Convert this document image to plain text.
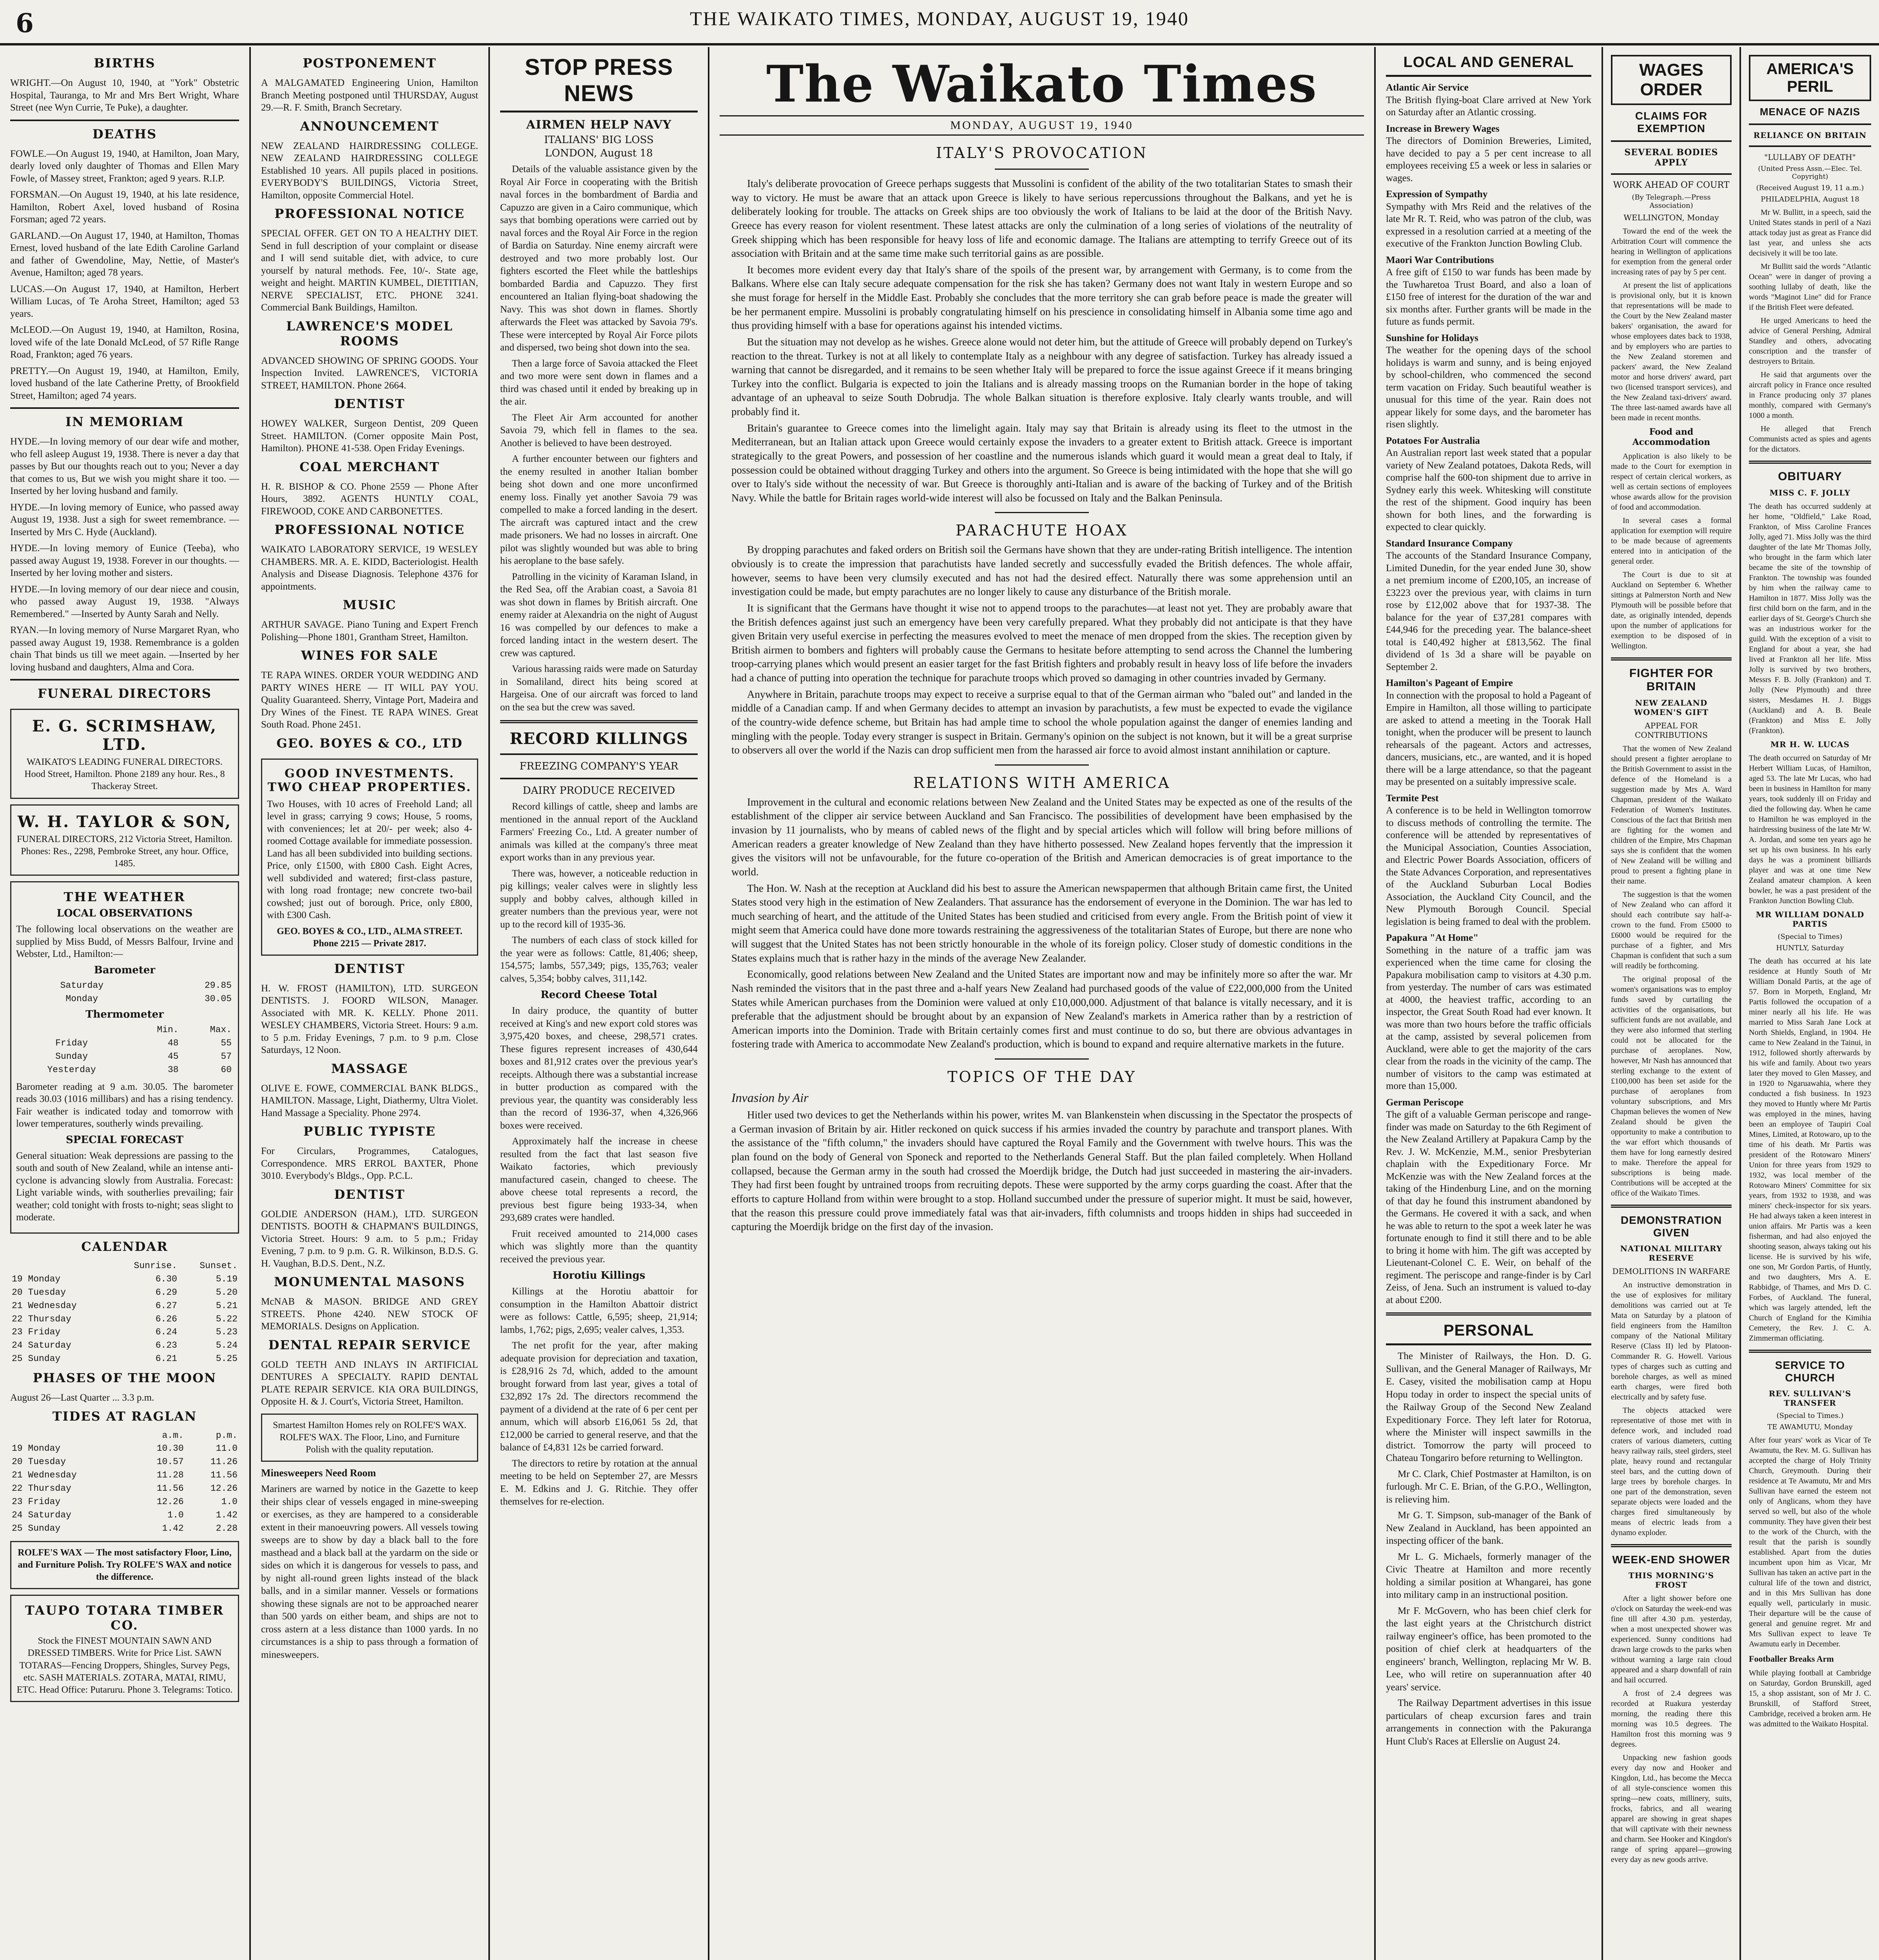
6	THE WAIKATO TIMES, MONDAY, AUGUST 19, 1940
BIRTHS
WRIGHT.—On August 10, 1940, at "York" Obstetric Hospital, Tauranga, to Mr and Mrs Bert Wright, Whare Street (nee Wyn Currie, Te Puke), a daughter.
DEATHS
FOWLE.—On August 19, 1940, at Hamilton, Joan Mary, dearly loved only daughter of Thomas and Ellen Mary Fowle, of Massey street, Frankton; aged 9 years. R.I.P.
FORSMAN.—On August 19, 1940, at his late residence, Hamilton, Robert Axel, loved husband of Rosina Forsman; aged 72 years.
GARLAND.—On August 17, 1940, at Hamilton, Thomas Ernest, loved husband of the late Edith Caroline Garland and father of Gwendoline, May, Nettie, of Master's Avenue, Hamilton; aged 78 years.
LUCAS.—On August 17, 1940, at Hamilton, Herbert William Lucas, of Te Aroha Street, Hamilton; aged 53 years.
McLEOD.—On August 19, 1940, at Hamilton, Rosina, loved wife of the late Donald McLeod, of 57 Rifle Range Road, Frankton; aged 76 years.
PRETTY.—On August 19, 1940, at Hamilton, Emily, loved husband of the late Catherine Pretty, of Brookfield Street, Hamilton; aged 74 years.
IN MEMORIAM
HYDE.—In loving memory of our dear wife and mother, who fell asleep August 19, 1938. There is never a day that passes by But our thoughts reach out to you; Never a day that comes to us, But we wish you might share it too. —Inserted by her loving husband and family.
HYDE.—In loving memory of Eunice, who passed away August 19, 1938. Just a sigh for sweet remembrance. —Inserted by Mrs C. Hyde (Auckland).
HYDE.—In loving memory of Eunice (Teeba), who passed away August 19, 1938. Forever in our thoughts. —Inserted by her loving mother and sisters.
HYDE.—In loving memory of our dear niece and cousin, who passed away August 19, 1938. "Always Remembered." —Inserted by Aunty Sarah and Nelly.
RYAN.—In loving memory of Nurse Margaret Ryan, who passed away August 19, 1938. Remembrance is a golden chain That binds us till we meet again. —Inserted by her loving husband and daughters, Alma and Cora.
FUNERAL DIRECTORS
E. G. SCRIMSHAW, LTD.
WAIKATO'S LEADING FUNERAL DIRECTORS. Hood Street, Hamilton. Phone 2189 any hour. Res., 8 Thackeray Street.
W. H. TAYLOR & SON,
FUNERAL DIRECTORS, 212 Victoria Street, Hamilton. Phones: Res., 2298, Pembroke Street, any hour. Office, 1485.
THE WEATHER
LOCAL OBSERVATIONS
The following local observations on the weather are supplied by Miss Budd, of Messrs Balfour, Irvine and Webster, Ltd., Hamilton:—
Barometer
Saturday	29.85
Monday	30.05
Thermometer
	Min.	Max.
Friday	48	55
Sunday	45	57
Yesterday	38	60
Barometer reading at 9 a.m. 30.05. The barometer reads 30.03 (1016 millibars) and has a rising tendency. Fair weather is indicated today and tomorrow with lower temperatures, southerly winds prevailing.
SPECIAL FORECAST
General situation: Weak depressions are passing to the south and south of New Zealand, while an intense anti-cyclone is advancing slowly from Australia. Forecast: Light variable winds, with southerlies prevailing; fair weather; cold tonight with frosts to-night; seas slight to moderate.
CALENDAR
	Sunrise.	Sunset.
19 Monday	6.30	5.19
20 Tuesday	6.29	5.20
21 Wednesday	6.27	5.21
22 Thursday	6.26	5.22
23 Friday	6.24	5.23
24 Saturday	6.23	5.24
25 Sunday	6.21	5.25
PHASES OF THE MOON
August 26—Last Quarter ... 3.3 p.m.
TIDES AT RAGLAN
	a.m.	p.m.
19 Monday	10.30	11.0
20 Tuesday	10.57	11.26
21 Wednesday	11.28	11.56
22 Thursday	11.56	12.26
23 Friday	12.26	1.0
24 Saturday	1.0	1.42
25 Sunday	1.42	2.28
ROLFE'S WAX — The most satisfactory Floor, Lino, and Furniture Polish. Try ROLFE'S WAX and notice the difference.
TAUPO TOTARA TIMBER CO.
Stock the FINEST MOUNTAIN SAWN AND DRESSED TIMBERS. Write for Price List. SAWN TOTARAS—Fencing Droppers, Shingles, Survey Pegs, etc. SASH MATERIALS. ZOTARA, MATAI, RIMU, ETC. Head Office: Putaruru. Phone 3. Telegrams: Totico.
POSTPONEMENT
A MALGAMATED Engineering Union, Hamilton Branch Meeting postponed until THURSDAY, August 29.—R. F. Smith, Branch Secretary.
ANNOUNCEMENT
NEW ZEALAND HAIRDRESSING COLLEGE. NEW ZEALAND HAIRDRESSING COLLEGE Established 10 years. All pupils placed in positions. EVERYBODY'S BUILDINGS, Victoria Street, Hamilton, opposite Commercial Hotel.
PROFESSIONAL NOTICE
SPECIAL OFFER. GET ON TO A HEALTHY DIET. Send in full description of your complaint or disease and I will send suitable diet, with advice, to cure yourself by natural methods. Fee, 10/-. State age, weight and height. MARTIN KUMBEL, DIETITIAN, NERVE SPECIALIST, ETC. PHONE 3241. Commercial Bank Buildings, Hamilton.
LAWRENCE'S MODEL ROOMS
ADVANCED SHOWING OF SPRING GOODS. Your Inspection Invited. LAWRENCE'S, VICTORIA STREET, HAMILTON. Phone 2664.
DENTIST
HOWEY WALKER, Surgeon Dentist, 209 Queen Street. HAMILTON. (Corner opposite Main Post, Hamilton). PHONE 41-538. Open Friday Evenings.
COAL MERCHANT
H. R. BISHOP & CO. Phone 2559 — Phone After Hours, 3892. AGENTS HUNTLY COAL, FIREWOOD, COKE AND CARBONETTES.
PROFESSIONAL NOTICE
WAIKATO LABORATORY SERVICE, 19 WESLEY CHAMBERS. MR. A. E. KIDD, Bacteriologist. Health Analysis and Disease Diagnosis. Telephone 4376 for appointments.
MUSIC
ARTHUR SAVAGE. Piano Tuning and Expert French Polishing—Phone 1801, Grantham Street, Hamilton.
WINES FOR SALE
TE RAPA WINES. ORDER YOUR WEDDING AND PARTY WINES HERE — IT WILL PAY YOU. Quality Guaranteed. Sherry, Vintage Port, Madeira and Dry Wines of the Finest. TE RAPA WINES. Great South Road. Phone 2451.
GEO. BOYES & CO., LTD
GOOD INVESTMENTS. TWO CHEAP PROPERTIES.
Two Houses, with 10 acres of Freehold Land; all level in grass; carrying 9 cows; House, 5 rooms, with conveniences; let at 20/- per week; also 4-roomed Cottage available for immediate possession. Land has all been subdivided into building sections. Price, only £1500, with £800 Cash. Eight Acres, well subdivided and watered; first-class pasture, with long road frontage; new concrete two-bail cowshed; just out of borough. Price, only £800, with £300 Cash.
GEO. BOYES & CO., LTD., ALMA STREET. Phone 2215 — Private 2817.
DENTIST
H. W. FROST (HAMILTON), LTD. SURGEON DENTISTS. J. FOORD WILSON, Manager. Associated with MR. K. KELLY. Phone 2011. WESLEY CHAMBERS, Victoria Street. Hours: 9 a.m. to 5 p.m. Friday Evenings, 7 p.m. to 9 p.m. Close Saturdays, 12 Noon.
MASSAGE
OLIVE E. FOWE, COMMERCIAL BANK BLDGS., HAMILTON. Massage, Light, Diathermy, Ultra Violet. Hand Massage a Speciality. Phone 2974.
PUBLIC TYPISTE
For Circulars, Programmes, Catalogues, Correspondence. MRS ERROL BAXTER, Phone 3010. Everybody's Bldgs., Opp. P.C.L.
DENTIST
GOLDIE ANDERSON (HAM.), LTD. SURGEON DENTISTS. BOOTH & CHAPMAN'S BUILDINGS, Victoria Street. Hours: 9 a.m. to 5 p.m.; Friday Evening, 7 p.m. to 9 p.m. G. R. Wilkinson, B.D.S. G. H. Vaughan, B.D.S. Dent., N.Z.
MONUMENTAL MASONS
McNAB & MASON. BRIDGE AND GREY STREETS. Phone 4240. NEW STOCK OF MEMORIALS. Designs on Application.
DENTAL REPAIR SERVICE
GOLD TEETH AND INLAYS IN ARTIFICIAL DENTURES A SPECIALTY. RAPID DENTAL PLATE REPAIR SERVICE. KIA ORA BUILDINGS, Opposite H. & J. Court's, Victoria Street, Hamilton.
Smartest Hamilton Homes rely on ROLFE'S WAX. ROLFE'S WAX. The Floor, Lino, and Furniture Polish with the quality reputation.
Minesweepers Need Room
Mariners are warned by notice in the Gazette to keep their ships clear of vessels engaged in mine-sweeping or exercises, as they are hampered to a considerable extent in their manoeuvring powers. All vessels towing sweeps are to show by day a black ball to the fore masthead and a black ball at the yardarm on the side or sides on which it is dangerous for vessels to pass, and by night all-round green lights instead of the black balls, and in a similar manner. Vessels or formations showing these signals are not to be approached nearer than 500 yards on either beam, and ships are not to cross astern at a less distance than 1000 yards. In no circumstances is a ship to pass through a formation of minesweepers.
STOP PRESS NEWS
AIRMEN HELP NAVY
ITALIANS' BIG LOSS
LONDON, August 18
Details of the valuable assistance given by the Royal Air Force in cooperating with the British naval forces in the bombardment of Bardia and Capuzzo are given in a Cairo communique, which says that bombing operations were carried out by naval forces and the Royal Air Force in the region of Bardia on Saturday. Nine enemy aircraft were destroyed and two more probably lost. Our fighters escorted the Fleet while the battleships bombarded Bardia and Capuzzo. They first encountered an Italian flying-boat shadowing the Navy. This was shot down in flames. Shortly afterwards the Fleet was attacked by Savoia 79's. These were intercepted by Royal Air Force pilots and dispersed, two being shot down into the sea.
Then a large force of Savoia attacked the Fleet and two more were sent down in flames and a third was chased until it ended by breaking up in the air.
The Fleet Air Arm accounted for another Savoia 79, which fell in flames to the sea. Another is believed to have been destroyed.
A further encounter between our fighters and the enemy resulted in another Italian bomber being shot down and one more unconfirmed enemy loss. Finally yet another Savoia 79 was compelled to make a forced landing in the desert. The aircraft was captured intact and the crew made prisoners. We had no losses in aircraft. One pilot was slightly wounded but was able to bring his aeroplane to the base safely.
Patrolling in the vicinity of Karaman Island, in the Red Sea, off the Arabian coast, a Savoia 81 was shot down in flames by British aircraft. One enemy raider at Alexandria on the night of August 16 was compelled by our defences to make a forced landing intact in the western desert. The crew was captured.
Various harassing raids were made on Saturday in Somaliland, direct hits being scored at Hargeisa. One of our aircraft was forced to land on the sea but the crew was saved.
RECORD KILLINGS
FREEZING COMPANY'S YEAR
DAIRY PRODUCE RECEIVED
Record killings of cattle, sheep and lambs are mentioned in the annual report of the Auckland Farmers' Freezing Co., Ltd. A greater number of animals was killed at the company's three meat export works than in any previous year.
There was, however, a noticeable reduction in pig killings; vealer calves were in slightly less supply and bobby calves, although killed in greater numbers than the previous year, were not up to the record kill of 1935-36.
The numbers of each class of stock killed for the year were as follows: Cattle, 81,406; sheep, 154,575; lambs, 557,349; pigs, 135,763; vealer calves, 5,354; bobby calves, 311,142.
Record Cheese Total
In dairy produce, the quantity of butter received at King's and new export cold stores was 3,975,420 boxes, and cheese, 298,571 crates. These figures represent increases of 430,644 boxes and 81,912 crates over the previous year's receipts. Although there was a substantial increase in butter production as compared with the previous year, the quantity was considerably less than the record of 1936-37, when 4,326,966 boxes were received.
Approximately half the increase in cheese resulted from the fact that last season five Waikato factories, which previously manufactured casein, changed to cheese. The above cheese total represents a record, the previous best figure being 1933-34, when 293,689 crates were handled.
Fruit received amounted to 214,000 cases which was slightly more than the quantity received the previous year.
Horotiu Killings
Killings at the Horotiu abattoir for consumption in the Hamilton Abattoir district were as follows: Cattle, 6,595; sheep, 21,914; lambs, 1,762; pigs, 2,695; vealer calves, 1,353.
The net profit for the year, after making adequate provision for depreciation and taxation, is £28,916 2s 7d, which, added to the amount brought forward from last year, gives a total of £32,892 17s 2d. The directors recommend the payment of a dividend at the rate of 6 per cent per annum, which will absorb £16,061 5s 2d, that £12,000 be carried to general reserve, and that the balance of £4,831 12s be carried forward.
The directors to retire by rotation at the annual meeting to be held on September 27, are Messrs E. M. Edkins and J. G. Ritchie. They offer themselves for re-election.
The Waikato Times
MONDAY, AUGUST 19, 1940
ITALY'S PROVOCATION

Italy's deliberate provocation of Greece perhaps suggests that Mussolini is confident of the ability of the two totalitarian States to smash their way to victory. He must be aware that an attack upon Greece is likely to have serious repercussions throughout the Balkans, and yet he is deliberately looking for trouble. The attacks on Greek ships are too obviously the work of Italians to be laid at the door of the British Navy. Greece has every reason for violent resentment. These latest attacks are only the culmination of a long series of violations of the neutrality of Greek shipping which has been responsible for heavy loss of life and economic damage. The Italians are attempting to terrify Greece out of its association with Britain and at the same time make such territorial gains as are possible.

It becomes more evident every day that Italy's share of the spoils of the present war, by arrangement with Germany, is to come from the Balkans. Where else can Italy secure adequate compensation for the risk she has taken? Germany does not want Italy in western Europe and so she must forage for herself in the Middle East. Probably she concludes that the more territory she can grab before peace is made the greater will be her permanent empire. Mussolini is probably congratulating himself on his prescience in consolidating himself in Albania some time ago and thus providing himself with a base for operations against his intended victims.

But the situation may not develop as he wishes. Greece alone would not deter him, but the attitude of Greece will probably depend on Turkey's reaction to the threat. Turkey is not at all likely to contemplate Italy as a neighbour with any degree of satisfaction. Turkey has already issued a warning that cannot be disregarded, and it remains to be seen whether Italy will be prepared to force the issue against Greece if it means bringing Turkey into the conflict. Bulgaria is expected to join the Italians and is already massing troops on the Rumanian border in the hope of taking advantage of an upheaval to seize South Dobrudja. The whole Balkan situation is therefore explosive. Italy clearly wants trouble, and will probably find it.

Britain's guarantee to Greece comes into the limelight again. Italy may say that Britain is already using its fleet to the utmost in the Mediterranean, but an Italian attack upon Greece would certainly expose the invaders to a greater extent to British attack. Greece is important strategically to the great Powers, and possession of her coastline and the numerous islands which guard it would mean a great deal to Italy, if possession could be obtained without dragging Turkey and others into the argument. So Greece is being intimidated with the hope that she will go over to Italy's side without the necessity of war. But Greece is thoroughly anti-Italian and is aware of the backing of Turkey and of the British Navy. While the battle for Britain rages world-wide interest will also be focussed on Italy and the Balkan Peninsula.

PARACHUTE HOAX

By dropping parachutes and faked orders on British soil the Germans have shown that they are under-rating British intelligence. The intention obviously is to create the impression that parachutists have landed secretly and successfully evaded the British defences. The whole affair, however, seems to have been very clumsily executed and has not had the desired effect. Naturally there was some apprehension until an investigation could be made, but empty parachutes are no longer likely to cause any disturbance of the British morale.

It is significant that the Germans have thought it wise not to append troops to the parachutes—at least not yet. They are probably aware that the British defences against just such an emergency have been very carefully prepared. What they probably did not anticipate is that they have given Britain very useful exercise in perfecting the measures evolved to meet the menace of men dropped from the skies. The reception given by British airmen to bombers and fighters will probably cause the Germans to hesitate before attempting to send across the Channel the lumbering troop-carrying planes which would present an easier target for the fast British fighters and probably result in heavy loss of life before the invaders had a chance of putting into operation the technique for parachute troops which proved so damaging in other countries invaded by Germany.

Anywhere in Britain, parachute troops may expect to receive a surprise equal to that of the German airman who "baled out" and landed in the middle of a Canadian camp. If and when Germany decides to attempt an invasion by parachutists, a few must be expected to evade the vigilance of the country-wide defence scheme, but Britain has had ample time to school the whole population against the danger of enemies landing and mingling with the people. Today every stranger is suspect in Britain. Germany's opinion on the subject is not known, but it will be a great surprise to observers all over the world if the Nazis can drop sufficient men from the harassed air force to avoid almost instant annihilation or capture.

RELATIONS WITH AMERICA

Improvement in the cultural and economic relations between New Zealand and the United States may be expected as one of the results of the establishment of the clipper air service between Auckland and San Francisco. The possibilities of development have been emphasised by the invasion by 11 journalists, who by means of cabled news of the flight and by special articles which will follow will bring before millions of American readers a greater knowledge of New Zealand than they have hitherto possessed. New Zealand hopes fervently that the impression it gives the visitors will not be unfavourable, for the future co-operation of the British and American democracies is of great importance to the world.

The Hon. W. Nash at the reception at Auckland did his best to assure the American newspapermen that although Britain came first, the United States stood very high in the estimation of New Zealanders. That assurance has the endorsement of everyone in the Dominion. The war has led to much searching of heart, and the attitude of the United States has been studied and criticised from every angle. From the British point of view it might seem that America could have done more towards restraining the aggressiveness of the totalitarian States of Europe, but there are none who will suggest that the United States has not been strictly honourable in the whole of its foreign policy. Closer study of domestic conditions in the States explains much that is rather hazy in the minds of the average New Zealander.

Economically, good relations between New Zealand and the United States are important now and may be infinitely more so after the war. Mr Nash reminded the visitors that in the past three and a-half years New Zealand had purchased goods of the value of £22,000,000 from the United States while American purchases from the Dominion were valued at only £10,000,000. Adjustment of that balance is vitally necessary, and it is preferable that the adjustment should be brought about by an expansion of New Zealand's markets in America rather than by a restriction of American imports into the Dominion. Trade with Britain certainly comes first and must continue to do so, but there are obvious advantages in fostering trade with America to accommodate New Zealand's production, which is bound to expand and require alternative markets in the future.

TOPICS OF THE DAY
Invasion by Air

Hitler used two devices to get the Netherlands within his power, writes M. van Blankenstein when discussing in the Spectator the prospects of a German invasion of Britain by air. Hitler reckoned on quick success if his armies invaded the country by parachute and transport planes. With the assistance of the "fifth column," the invaders should have captured the Royal Family and the Government with twelve hours. This was the plan found on the body of General von Sponeck and reported to the Netherlands General Staff. But the plan failed completely. When Holland collapsed, because the German army in the south had crossed the Moerdijk bridge, the Dutch had just succeeded in mastering the air-invaders. They had first been fought by untrained troops from recruiting depots. These were supported by the army corps guarding the coast. After that the efforts to capture Holland from within were brought to a stop. Holland succumbed under the pressure of superior might. It must be said, however, that the reason this pressure could prove immediately fatal was that air-invaders, fifth columnists and troops hidden in ships had succeeded in capturing the Moerdijk bridge on the first day of the invasion.

LOCAL AND GENERAL
Atlantic Air Service
The British flying-boat Clare arrived at New York on Saturday after an Atlantic crossing.
Increase in Brewery Wages
The directors of Dominion Breweries, Limited, have decided to pay a 5 per cent increase to all employees receiving £5 a week or less in salaries or wages.
Expression of Sympathy
Sympathy with Mrs Reid and the relatives of the late Mr R. T. Reid, who was patron of the club, was expressed in a resolution carried at a meeting of the executive of the Frankton Junction Bowling Club.
Maori War Contributions
A free gift of £150 to war funds has been made by the Tuwharetoa Trust Board, and also a loan of £150 free of interest for the duration of the war and six months after. Further grants will be made in the future as funds permit.
Sunshine for Holidays
The weather for the opening days of the school holidays is warm and sunny, and is being enjoyed by school-children, who commenced the second term vacation on Friday. Such beautiful weather is unusual for this time of the year. Rain does not appear likely for some days, and the barometer has risen slightly.
Potatoes For Australia
An Australian report last week stated that a popular variety of New Zealand potatoes, Dakota Reds, will comprise half the 600-ton shipment due to arrive in Sydney early this week. Whitesking will constitute the rest of the shipment. Good inquiry has been shown for both lines, and the forwarding is expected to clear quickly.
Standard Insurance Company
The accounts of the Standard Insurance Company, Limited Dunedin, for the year ended June 30, show a net premium income of £200,105, an increase of £3223 over the previous year, with claims in turn rose by £12,002 above that for 1937-38. The balance for the year of £37,281 compares with £44,946 for the preceding year. The balance-sheet total is £40,492 higher at £813,562. The final dividend of 1s 3d a share will be payable on September 2.
Hamilton's Pageant of Empire
In connection with the proposal to hold a Pageant of Empire in Hamilton, all those willing to participate are asked to attend a meeting in the Toorak Hall tonight, when the producer will be present to launch rehearsals of the pageant. Actors and actresses, dancers, musicians, etc., are wanted, and it is hoped there will be a large attendance, so that the pageant may be presented on a suitably impressive scale.
Termite Pest
A conference is to be held in Wellington tomorrow to discuss methods of controlling the termite. The conference will be attended by representatives of the Municipal Association, Counties Association, and Electric Power Boards Association, officers of the State Advances Corporation, and representatives of the Auckland Suburban Local Bodies Association, the Auckland City Council, and the New Plymouth Borough Council. Special legislation is being framed to deal with the problem.
Papakura "At Home"
Something in the nature of a traffic jam was experienced when the time came for closing the Papakura mobilisation camp to visitors at 4.30 p.m. from yesterday. The number of cars was estimated at 4000, the heaviest traffic, according to an inspector, the Great South Road had ever known. It was more than two hours before the traffic officials at the camp, assisted by several policemen from Auckland, were able to get the majority of the cars clear from the roads in the vicinity of the camp. The number of visitors to the camp was estimated at more than 15,000.
German Periscope
The gift of a valuable German periscope and range-finder was made on Saturday to the 6th Regiment of the New Zealand Artillery at Papakura Camp by the Rev. J. W. McKenzie, M.M., senior Presbyterian chaplain with the Expeditionary Force. Mr McKenzie was with the New Zealand forces at the taking of the Hindenburg Line, and on the morning of that day he found this instrument abandoned by the Germans. He covered it with a sack, and when he was able to return to the spot a week later he was fortunate enough to find it still there and to be able to bring it home with him. The gift was accepted by Lieutenant-Colonel C. E. Weir, on behalf of the regiment. The periscope and range-finder is by Carl Zeiss, of Jena. Such an instrument is valued to-day at about £200.
PERSONAL
The Minister of Railways, the Hon. D. G. Sullivan, and the General Manager of Railways, Mr E. Casey, visited the mobilisation camp at Hopu Hopu today in order to inspect the special units of the Railway Group of the Second New Zealand Expeditionary Force. They left later for Rotorua, where the Minister will inspect sawmills in the district. Tomorrow the party will proceed to Chateau Tongariro before returning to Wellington.
Mr C. Clark, Chief Postmaster at Hamilton, is on furlough. Mr C. E. Brian, of the G.P.O., Wellington, is relieving him.
Mr G. T. Simpson, sub-manager of the Bank of New Zealand in Auckland, has been appointed an inspecting officer of the bank.
Mr L. G. Michaels, formerly manager of the Civic Theatre at Hamilton and more recently holding a similar position at Whangarei, has gone into military camp in an instructional position.
Mr F. McGovern, who has been chief clerk for the last eight years at the Christchurch district railway engineer's office, has been promoted to the position of chief clerk at headquarters of the engineers' branch, Wellington, replacing Mr W. B. Lee, who will retire on superannuation after 40 years' service.
The Railway Department advertises in this issue particulars of cheap excursion fares and train arrangements in connection with the Pakuranga Hunt Club's Races at Ellerslie on August 24.
WAGES ORDER
CLAIMS FOR EXEMPTION
SEVERAL BODIES APPLY
WORK AHEAD OF COURT
(By Telegraph.—Press Association)
WELLINGTON, Monday
Toward the end of the week the Arbitration Court will commence the hearing in Wellington of applications for exemption from the general order increasing rates of pay by 5 per cent.
At present the list of applications is provisional only, but it is known that representations will be made to the Court by the New Zealand master bakers' organisation, the award for whose employees dates back to 1938, and by employers who are parties to the New Zealand storemen and packers' award, the New Zealand motor and horse drivers' award, part two (licensed transport services), and the New Zealand taxi-drivers' award. The three last-named awards have all been made in recent months.
Food and Accommodation
Application is also likely to be made to the Court for exemption in respect of certain clerical workers, as well as certain sections of employees whose awards allow for the provision of food and accommodation.
In several cases a formal application for exemption will require to be made because of agreements entered into in anticipation of the general order.
The Court is due to sit at Auckland on September 6. Whether sittings at Palmerston North and New Plymouth will be possible before that date, as originally intended, depends upon the number of applications for exemption to be disposed of in Wellington.
FIGHTER FOR BRITAIN
NEW ZEALAND WOMEN'S GIFT
APPEAL FOR CONTRIBUTIONS
That the women of New Zealand should present a fighter aeroplane to the British Government to assist in the defence of the Homeland is a suggestion made by Mrs A. Ward Chapman, president of the Waikato Federation of Women's Institutes. Conscious of the fact that British men are fighting for the women and children of the Empire, Mrs Chapman says she is confident that the women of New Zealand will be willing and proud to present a fighting plane in their name.
The suggestion is that the women of New Zealand who can afford it should each contribute say half-a-crown to the fund. From £5000 to £6000 would be required for the purchase of a fighter, and Mrs Chapman is confident that such a sum will readily be forthcoming.
The original proposal of the women's organisations was to employ funds saved by curtailing the activities of the organisations, but sufficient funds are not available, and they were also informed that sterling could not be allocated for the purchase of aeroplanes. Now, however, Mr Nash has announced that sterling exchange to the extent of £100,000 has been set aside for the purchase of aeroplanes from voluntary subscriptions, and Mrs Chapman believes the women of New Zealand should be given the opportunity to make a contribution to the war effort which thousands of them have for long earnestly desired to make. Therefore the appeal for subscriptions is being made. Contributions will be accepted at the office of the Waikato Times.
DEMONSTRATION GIVEN
NATIONAL MILITARY RESERVE
DEMOLITIONS IN WARFARE
An instructive demonstration in the use of explosives for military demolitions was carried out at Te Mata on Saturday by a platoon of field engineers from the Hamilton company of the National Military Reserve (Class II) led by Platoon-Commander R. G. Howell. Various types of charges such as cutting and borehole charges, as well as mined earth charges, were fired both electrically and by safety fuse.
The objects attacked were representative of those met with in defence work, and included road craters of various diameters, cutting heavy railway rails, steel girders, steel plate, heavy round and rectangular steel bars, and the cutting down of large trees by borehole charges. In one part of the demonstration, seven separate objects were loaded and the charges fired simultaneously by means of electric leads from a dynamo exploder.
WEEK-END SHOWER
THIS MORNING'S FROST
After a light shower before one o'clock on Saturday the week-end was fine till after 4.30 p.m. yesterday, when a most unexpected shower was experienced. Sunny conditions had drawn large crowds to the parks when without warning a large rain cloud appeared and a sharp downfall of rain and hail occurred.
A frost of 2.4 degrees was recorded at Ruakura yesterday morning, the reading there this morning was 10.5 degrees. The Hamilton frost this morning was 9 degrees.
Unpacking new fashion goods every day now and Hooker and Kingdon, Ltd., has become the Mecca of all style-conscience women this spring—new coats, millinery, suits, frocks, fabrics, and all wearing apparel are showing in great shapes that will captivate with their newness and charm. See Hooker and Kingdon's range of spring apparel—growing every day as new goods arrive.
AMERICA'S PERIL
MENACE OF NAZIS
RELIANCE ON BRITAIN
"LULLABY OF DEATH"
(United Press Assn.—Elec. Tel. Copyright)
(Received August 19, 11 a.m.)
PHILADELPHIA, August 18
Mr W. Bullitt, in a speech, said the United States stands in peril of a Nazi attack today just as great as France did last year, and unless she acts decisively it will be too late.
Mr Bullitt said the words "Atlantic Ocean" were in danger of proving a soothing lullaby of death, like the words "Maginot Line" did for France if the British Fleet were defeated.
He urged Americans to heed the advice of General Pershing, Admiral Standley and others, advocating conscription and the transfer of destroyers to Britain.
He said that arguments over the aircraft policy in France once resulted in France producing only 37 planes monthly, compared with Germany's 1000 a month.
He alleged that French Communists acted as spies and agents for the dictators.
OBITUARY
MISS C. F. JOLLY
The death has occurred suddenly at her home, "Oldfield," Lake Road, Frankton, of Miss Caroline Frances Jolly, aged 71. Miss Jolly was the third daughter of the late Mr Thomas Jolly, who brought in the farm which later became the site of the township of Frankton. The township was founded by him when the railway came to Hamilton in 1877. Miss Jolly was the first child born on the farm, and in the earlier days of St. George's Church she was an industrious worker for the guild. With the exception of a visit to England for about a year, she had lived at Frankton all her life. Miss Jolly is survived by two brothers, Messrs F. B. Jolly (Frankton) and T. Jolly (New Plymouth) and three sisters, Mesdames H. J. Biggs (Auckland) and A. B. Beale (Frankton) and Miss E. Jolly (Frankton).
MR H. W. LUCAS
The death occurred on Saturday of Mr Herbert William Lucas, of Hamilton, aged 53. The late Mr Lucas, who had been in business in Hamilton for many years, took suddenly ill on Friday and died the following day. When he came to Hamilton he was employed in the hairdressing business of the late Mr W. A. Jordan, and some ten years ago he set up his own business. In his early days he was a prominent billiards player and was at one time New Zealand amateur champion. A keen bowler, he was a past president of the Frankton Junction Bowling Club.
MR WILLIAM DONALD PARTIS
(Special to Times)
HUNTLY, Saturday
The death has occurred at his late residence at Huntly South of Mr William Donald Partis, at the age of 57. Born in Morpeth, England, Mr Partis followed the occupation of a miner nearly all his life. He was married to Miss Sarah Jane Lock at North Shields, England, in 1904. He came to New Zealand in the Tainui, in 1912, followed shortly afterwards by his wife and family. About two years later they moved to Glen Massey, and in 1920 to Ngaruawahia, where they conducted a fish business. In 1923 they moved to Huntly where Mr Partis was employed in the mines, having been an employee of Taupiri Coal Mines, Limited, at Rotowaro, up to the time of his death. Mr Partis was president of the Rotowaro Miners' Union for three years from 1929 to 1932, was local member of the Rotowaro Miners' Committee for six years, from 1932 to 1938, and was miners' check-inspector for six years. He had always taken a keen interest in union affairs. Mr Partis was a keen fisherman, and had also enjoyed the shooting season, always taking out his license. He is survived by his wife, one son, Mr Gordon Partis, of Huntly, and two daughters, Mrs A. E. Rabbidge, of Thames, and Mrs D. C. Forbes, of Auckland. The funeral, which was largely attended, left the Church of England for the Kimihia Cemetery, the Rev. J. C. A. Zimmerman officiating.
SERVICE TO CHURCH
REV. SULLIVAN'S TRANSFER
(Special to Times.)
TE AWAMUTU, Monday
After four years' work as Vicar of Te Awamutu, the Rev. M. G. Sullivan has accepted the charge of Holy Trinity Church, Greymouth. During their residence at Te Awamutu, Mr and Mrs Sullivan have earned the esteem not only of Anglicans, whom they have served so well, but also of the whole community. They have given their best to the work of the Church, with the result that the parish is soundly established. Apart from the duties incumbent upon him as Vicar, Mr Sullivan has taken an active part in the cultural life of the town and district, and in this Mrs Sullivan has done equally well, particularly in music. Their departure will be the cause of general and genuine regret. Mr and Mrs Sullivan expect to leave Te Awamutu early in December.
Footballer Breaks Arm
While playing football at Cambridge on Saturday, Gordon Brunskill, aged 15, a shop assistant, son of Mr J. C. Brunskill, of Stafford Street, Cambridge, received a broken arm. He was admitted to the Waikato Hospital.
